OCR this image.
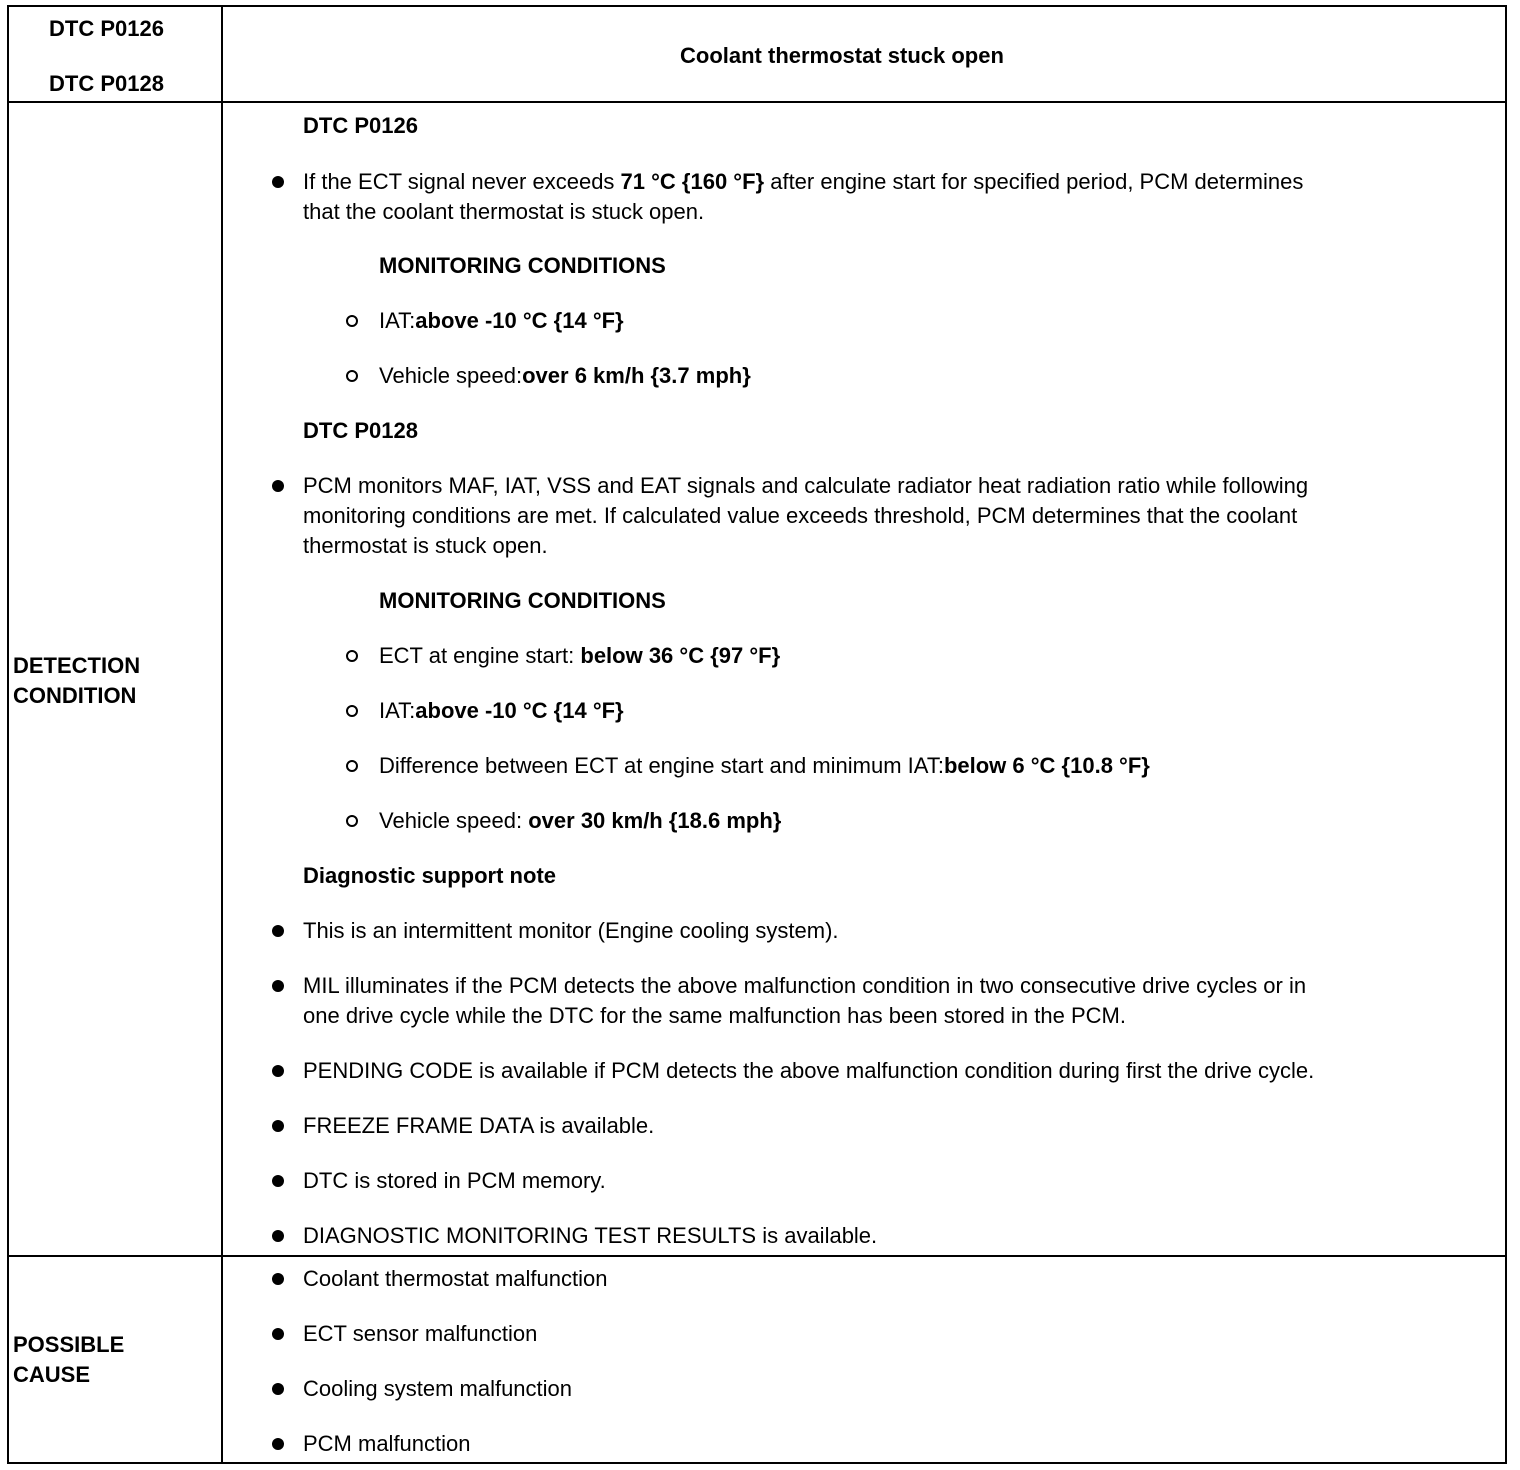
DTC P0126
DTC P0128
Coolant thermostat stuck open
DETECTION
CONDITION
DTC P0126
If the ECT signal never exceeds 71 °C {160 °F} after engine start for specified period, PCM determines
that the coolant thermostat is stuck open.
MONITORING CONDITIONS
IAT:above -10 °C {14 °F}
Vehicle speed:over 6 km/h {3.7 mph}
DTC P0128
PCM monitors MAF, IAT, VSS and EAT signals and calculate radiator heat radiation ratio while following
monitoring conditions are met. If calculated value exceeds threshold, PCM determines that the coolant
thermostat is stuck open.
MONITORING CONDITIONS
ECT at engine start: below 36 °C {97 °F}
IAT:above -10 °C {14 °F}
Difference between ECT at engine start and minimum IAT:below 6 °C {10.8 °F}
Vehicle speed: over 30 km/h {18.6 mph}
Diagnostic support note
This is an intermittent monitor (Engine cooling system).
MIL illuminates if the PCM detects the above malfunction condition in two consecutive drive cycles or in
one drive cycle while the DTC for the same malfunction has been stored in the PCM.
PENDING CODE is available if PCM detects the above malfunction condition during first the drive cycle.
FREEZE FRAME DATA is available.
DTC is stored in PCM memory.
DIAGNOSTIC MONITORING TEST RESULTS is available.
POSSIBLE
CAUSE
Coolant thermostat malfunction
ECT sensor malfunction
Cooling system malfunction
PCM malfunction
